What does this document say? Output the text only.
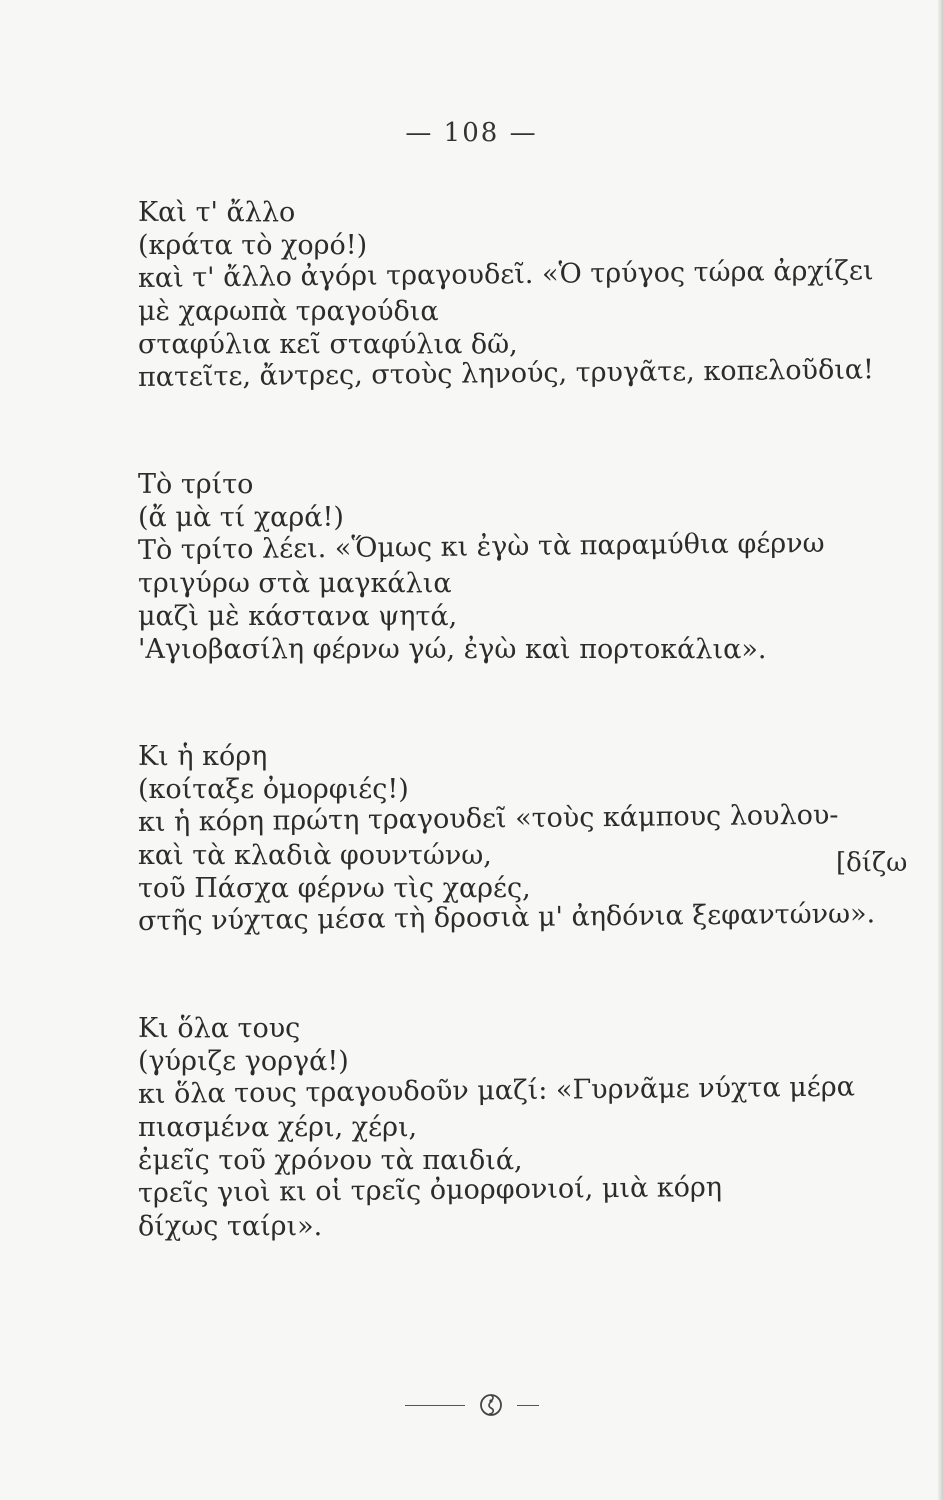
— 108 —
Καὶ τ' ἄλλο
(κράτα τὸ χορό!)
καὶ τ' ἄλλο ἀγόρι τραγουδεῖ. «Ὁ τρύγος τώρα ἀρχίζει
μὲ χαρωπὰ τραγούδια
σταφύλια κεῖ σταφύλια δῶ,
πατεῖτε, ἄντρες, στοὺς ληνούς, τρυγᾶτε, κοπελοῦδια!
Τὸ τρίτο
(ἄ μὰ τί χαρά!)
Τὸ τρίτο λέει. «Ὅμως κι ἐγὼ τὰ παραμύθια φέρνω
τριγύρω στὰ μαγκάλια
μαζὶ μὲ κάστανα ψητά,
'Αγιοβασίλη φέρνω γώ, ἐγὼ καὶ πορτοκάλια».
Κι ἡ κόρη
(κοίταξε ὀμορφιές!)
κι ἡ κόρη πρώτη τραγουδεῖ «τοὺς κάμπους λουλου-
καὶ τὰ κλαδιὰ φουντώνω,
τοῦ Πάσχα φέρνω τὶς χαρές,
στῆς νύχτας μέσα τὴ δροσιὰ μ' ἀηδόνια ξεφαντώνω».
[δίζω
Κι ὅλα τους
(γύριζε γοργά!)
κι ὅλα τους τραγουδοῦν μαζί: «Γυρνᾶμε νύχτα μέρα
πιασμένα χέρι, χέρι,
ἐμεῖς τοῦ χρόνου τὰ παιδιά,
τρεῖς γιοὶ κι οἱ τρεῖς ὀμορφονιοί, μιὰ κόρη
δίχως ταίρι».
